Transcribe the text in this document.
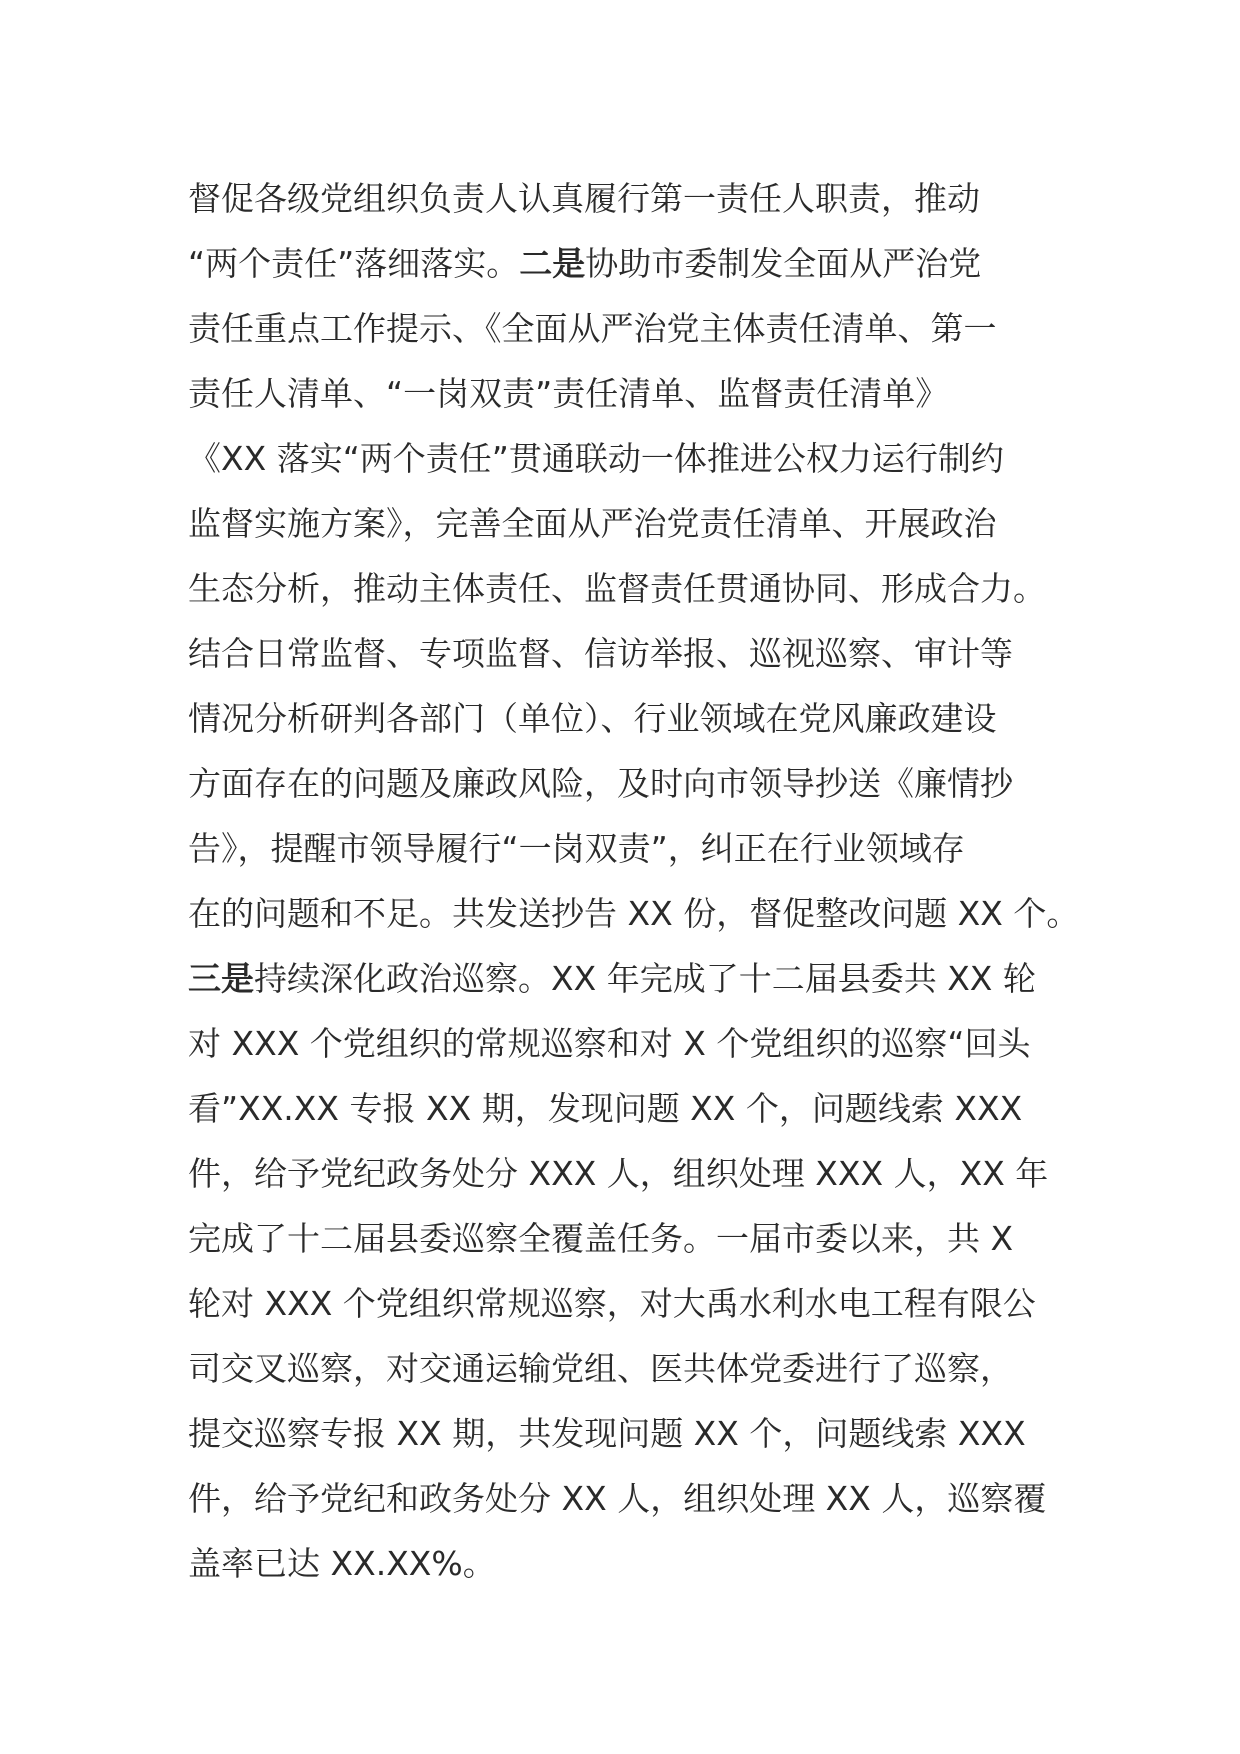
督促各级党组织负责人认真履行第一责任人职责，推动
“两个责任”落细落实。二是协助市委制发全面从严治党
责任重点工作提示、《全面从严治党主体责任清单、第一
责任人清单、“一岗双责”责任清单、监督责任清单》
《XX 落实“两个责任”贯通联动一体推进公权力运行制约
监督实施方案》，完善全面从严治党责任清单、开展政治
生态分析，推动主体责任、监督责任贯通协同、形成合力。
结合日常监督、专项监督、信访举报、巡视巡察、审计等
情况分析研判各部门（单位）、行业领域在党风廉政建设
方面存在的问题及廉政风险，及时向市领导抄送《廉情抄
告》，提醒市领导履行“一岗双责”，纠正在行业领域存
在的问题和不足。共发送抄告 XX 份，督促整改问题 XX 个。
三是持续深化政治巡察。XX 年完成了十二届县委共 XX 轮
对 XXX 个党组织的常规巡察和对 X 个党组织的巡察“回头
看”XX.XX 专报 XX 期，发现问题 XX 个，问题线索 XXX
件，给予党纪政务处分 XXX 人，组织处理 XXX 人，XX 年
完成了十二届县委巡察全覆盖任务。一届市委以来，共 X
轮对 XXX 个党组织常规巡察，对大禹水利水电工程有限公
司交叉巡察，对交通运输党组、医共体党委进行了巡察，
提交巡察专报 XX 期，共发现问题 XX 个，问题线索 XXX
件，给予党纪和政务处分 XX 人，组织处理 XX 人，巡察覆
盖率已达 XX.XX%。
